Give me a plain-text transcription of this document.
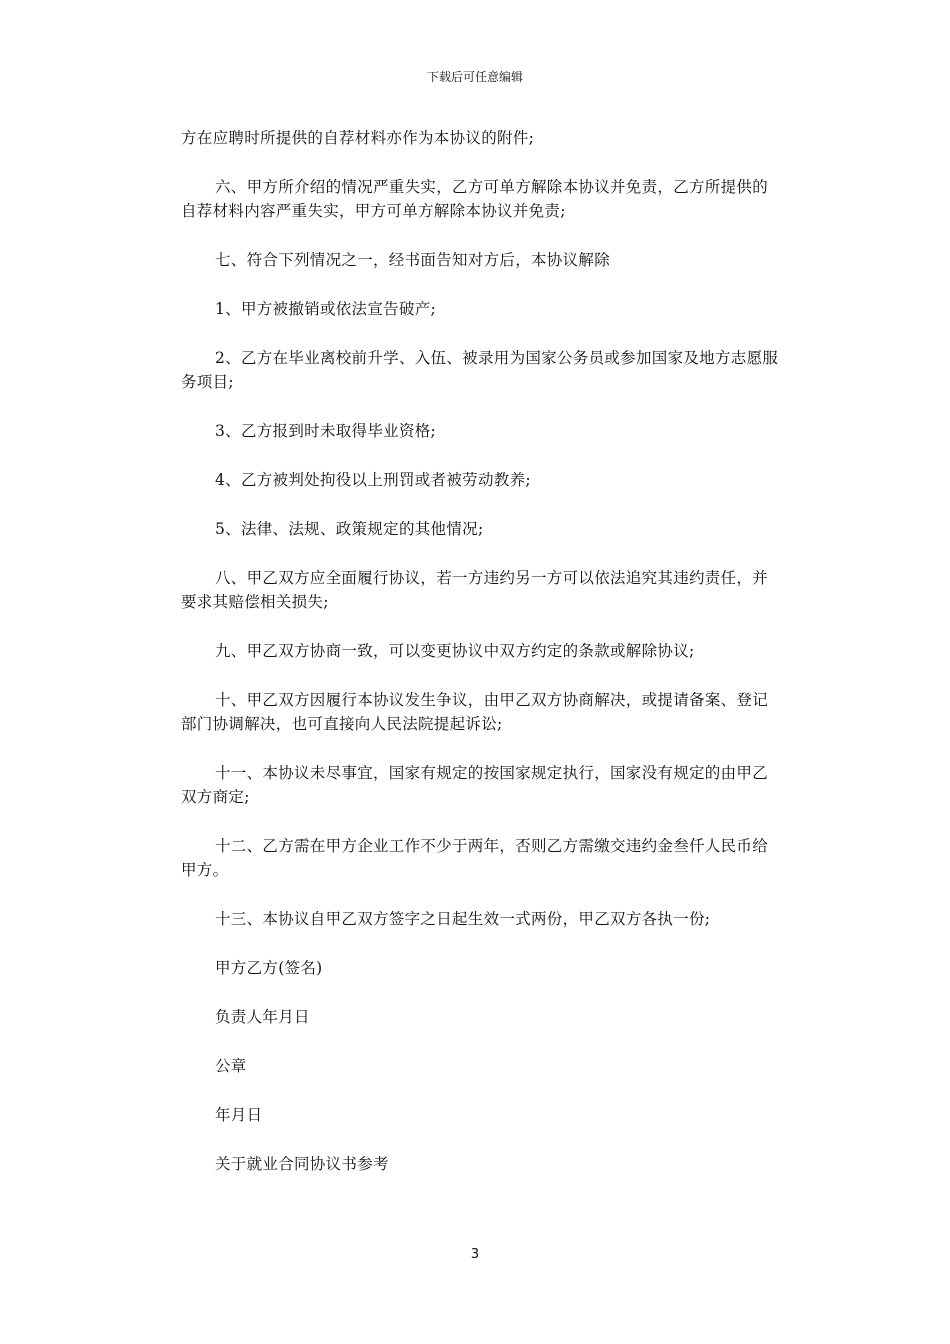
下载后可任意编辑

方在应聘时所提供的自荐材料亦作为本协议的附件;

六、甲方所介绍的情况严重失实，乙方可单方解除本协议并免责，乙方所提供的自荐材料内容严重失实，甲方可单方解除本协议并免责;

七、符合下列情况之一，经书面告知对方后，本协议解除

1、甲方被撤销或依法宣告破产;

2、乙方在毕业离校前升学、入伍、被录用为国家公务员或参加国家及地方志愿服务项目;

3、乙方报到时未取得毕业资格;

4、乙方被判处拘役以上刑罚或者被劳动教养;

5、法律、法规、政策规定的其他情况;

八、甲乙双方应全面履行协议，若一方违约另一方可以依法追究其违约责任，并要求其赔偿相关损失;

九、甲乙双方协商一致，可以变更协议中双方约定的条款或解除协议;

十、甲乙双方因履行本协议发生争议，由甲乙双方协商解决，或提请备案、登记部门协调解决，也可直接向人民法院提起诉讼;

十一、本协议未尽事宜，国家有规定的按国家规定执行，国家没有规定的由甲乙双方商定;

十二、乙方需在甲方企业工作不少于两年，否则乙方需缴交违约金叁仟人民币给甲方。

十三、本协议自甲乙双方签字之日起生效一式两份，甲乙双方各执一份;

甲方乙方(签名)

负责人年月日

公章

年月日

关于就业合同协议书参考

3
